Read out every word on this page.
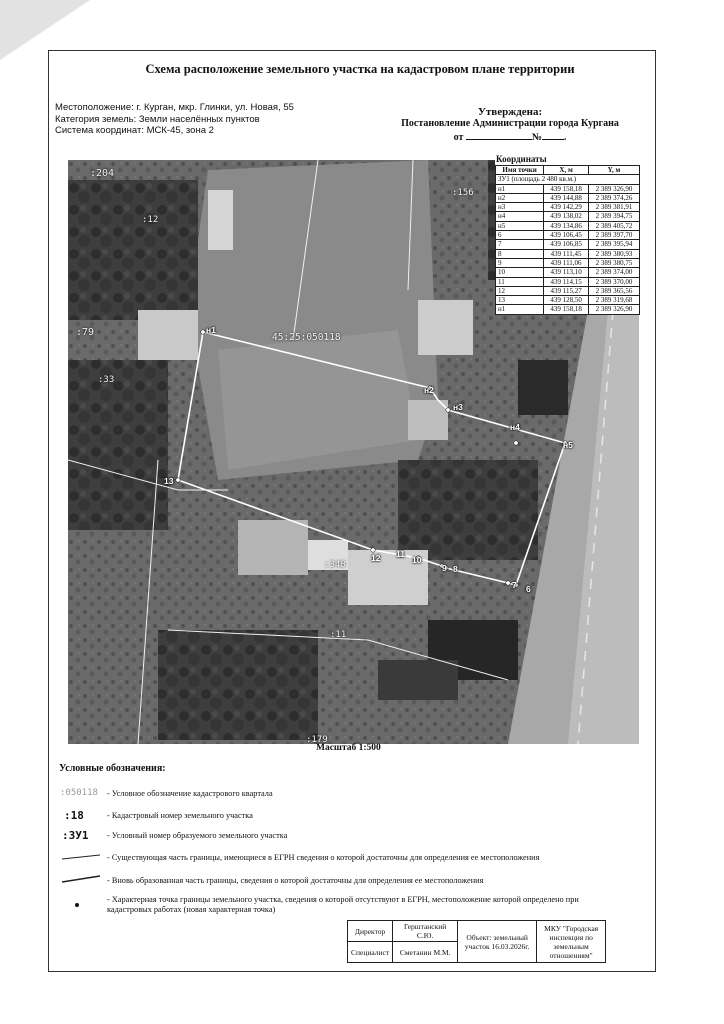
Схема расположение земельного участка на кадастровом плане территории
Местоположение: г. Курган, мкр. Глинки, ул. Новая, 55
Категория земель: Земли населённых пунктов
Система координат: МСК-45, зона 2
Утверждена:
Постановление Администрации города Кургана
от	№ .
:204
:12
:156
:79
:33
45:25:050118
:348
:11
:179
н1
н2
н3
н4
н5
6
7
8
9
10
11
12
13
Координаты
Имя точки	X, м	Y, м
ЗУ1 (площадь 2 480 кв.м.)		
н1	439 158,18	2 389 326,90
н2	439 144,88	2 389 374,26
н3	439 142,29	2 389 381,91
н4	439 138,02	2 389 394,75
н5	439 134,86	2 389 405,72
6	439 106,45	2 389 397,70
7	439 106,85	2 389 395,94
8	439 111,45	2 389 380,93
9	439 111,06	2 389 380,75
10	439 113,10	2 389 374,00
11	439 114,15	2 389 370,00
12	439 115,27	2 389 365,56
13	439 128,50	2 389 319,68
н1	439 158,18	2 389 326,90
Масштаб 1:500
Условные обозначения:
:050118	- Условное обозначение кадастрового квартала
:18	- Кадастровый номер земельного участка
:ЗУ1	- Условный номер образуемого земельного участка
- Существующая часть границы, имеющиеся в ЕГРН сведения о которой достаточны для определения ее местоположения
- Вновь образованная часть границы, сведения о которой достаточны для определения ее местоположения
- Характерная точка границы земельного участка, сведения о которой отсутствуют в ЕГРН, местоположение которой определено при кадастровых работах (новая характерная точка)
Директор	Герштанский С.Ю.	Объект: земельный участок 16.03.2026г.	МКУ "Городская инспекция по земельным отношениям"
Специалист	Сметанин М.М.		
